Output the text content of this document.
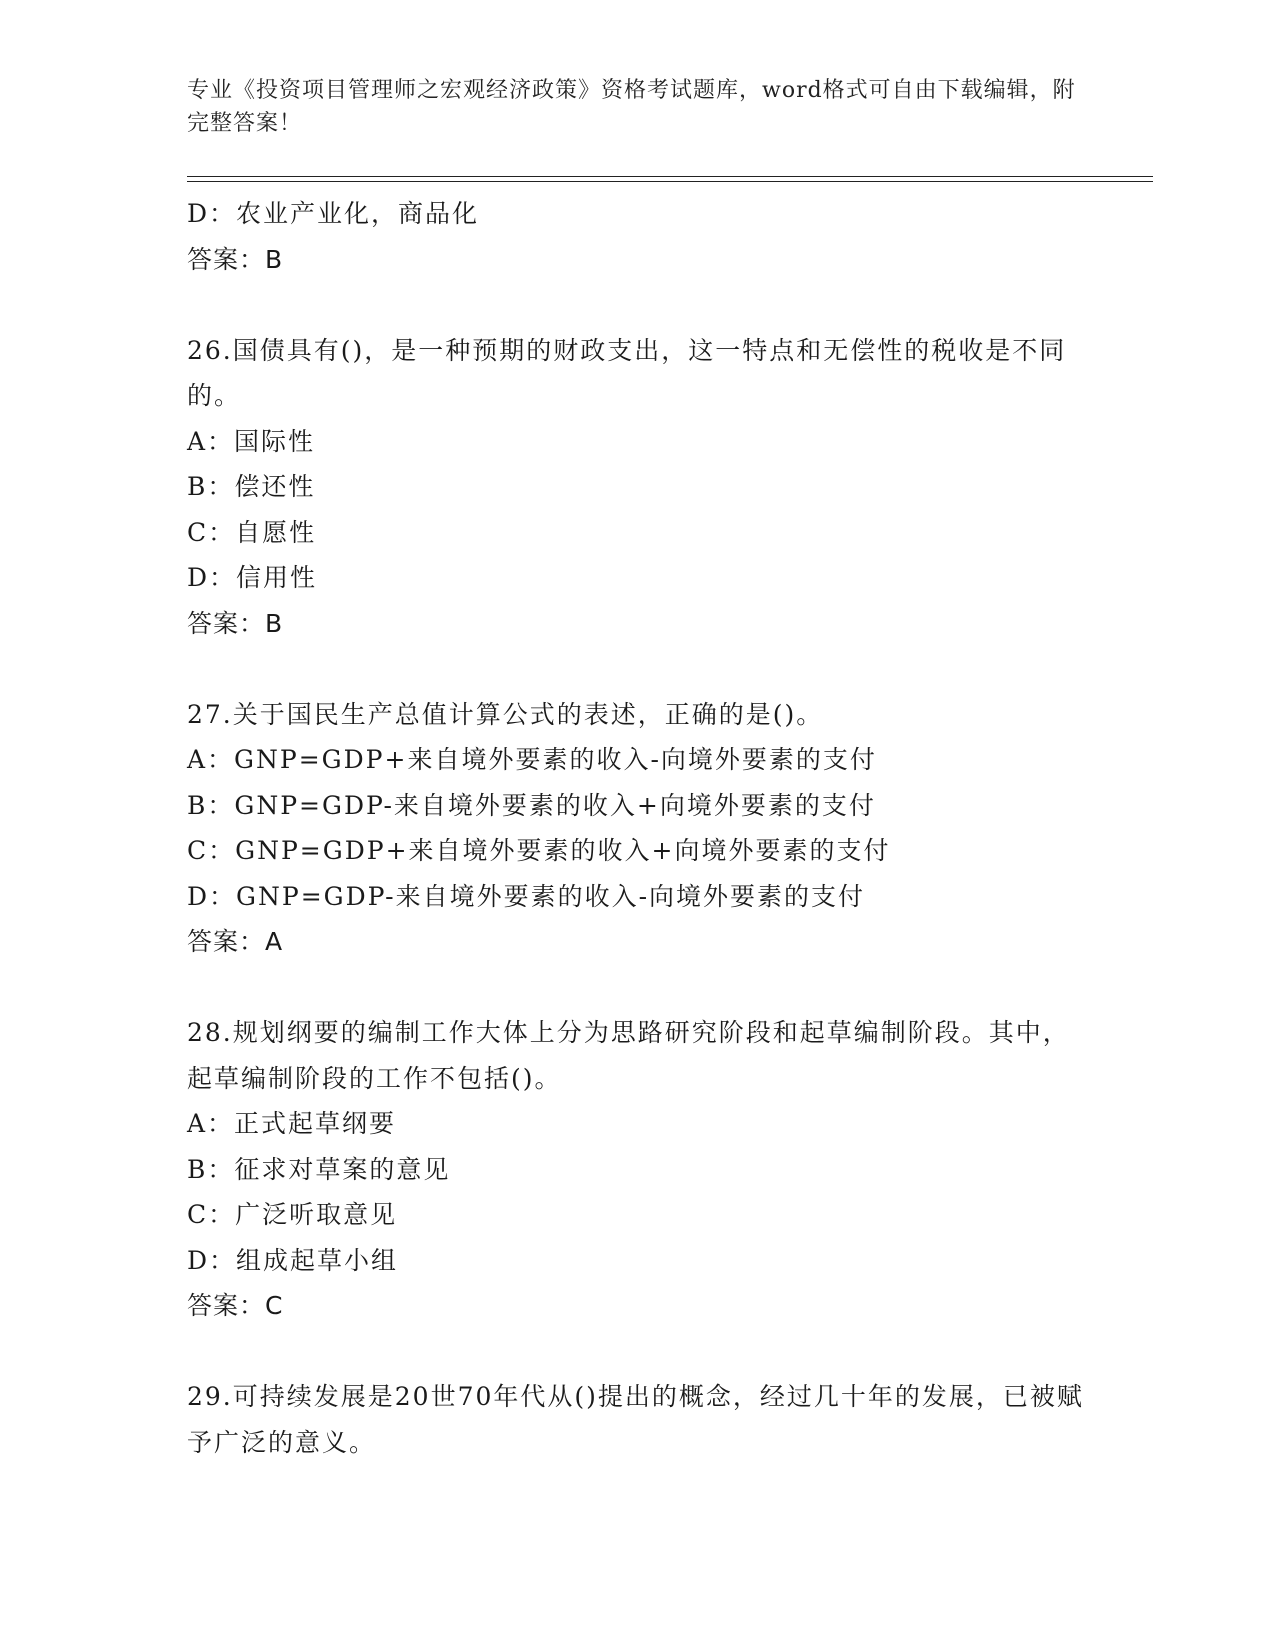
专业《投资项目管理师之宏观经济政策》资格考试题库，word格式可自由下载编辑，附完整答案！
D：农业产业化，商品化
答案：B
26.国债具有()，是一种预期的财政支出，这一特点和无偿性的税收是不同的。
A：国际性
B：偿还性
C：自愿性
D：信用性
答案：B
27.关于国民生产总值计算公式的表述，正确的是()。
A：GNP=GDP+来自境外要素的收入-向境外要素的支付
B：GNP=GDP-来自境外要素的收入+向境外要素的支付
C：GNP=GDP+来自境外要素的收入+向境外要素的支付
D：GNP=GDP-来自境外要素的收入-向境外要素的支付
答案：A
28.规划纲要的编制工作大体上分为思路研究阶段和起草编制阶段。其中，起草编制阶段的工作不包括()。
A：正式起草纲要
B：征求对草案的意见
C：广泛听取意见
D：组成起草小组
答案：C
29.可持续发展是20世70年代从()提出的概念，经过几十年的发展，已被赋予广泛的意义。
